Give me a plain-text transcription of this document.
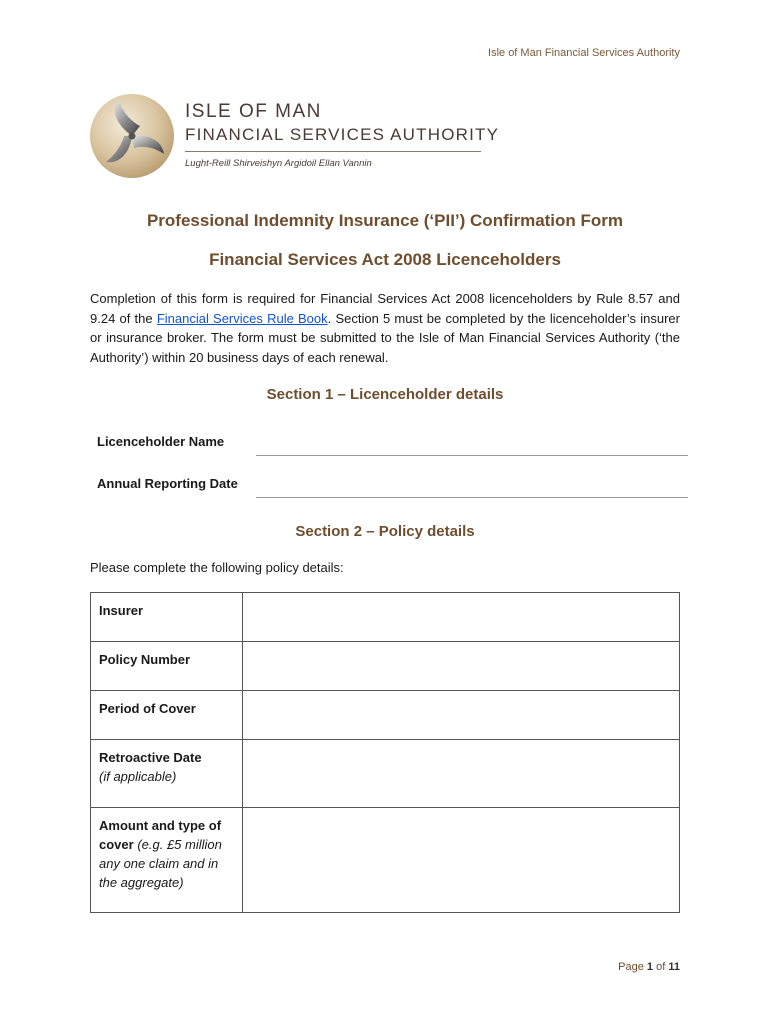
Isle of Man Financial Services Authority
ISLE OF MAN
FINANCIAL SERVICES AUTHORITY
Lught-Reill Shirveishyn Argidoil Ellan Vannin
Professional Indemnity Insurance (‘PII’) Confirmation Form
Financial Services Act 2008 Licenceholders
Completion of this form is required for Financial Services Act 2008 licenceholders by Rule 8.57 and 9.24 of the Financial Services Rule Book. Section 5 must be completed by the licenceholder’s insurer or insurance broker. The form must be submitted to the Isle of Man Financial Services Authority (‘the Authority’) within 20 business days of each renewal.
Section 1 – Licenceholder details
Licenceholder Name
Annual Reporting Date
Section 2 – Policy details
Please complete the following policy details:
Insurer	
Policy Number	
Period of Cover	
Retroactive Date
(if applicable)	
Amount and type of cover (e.g. £5 million any one claim and in the aggregate)	
Page 1 of 11
